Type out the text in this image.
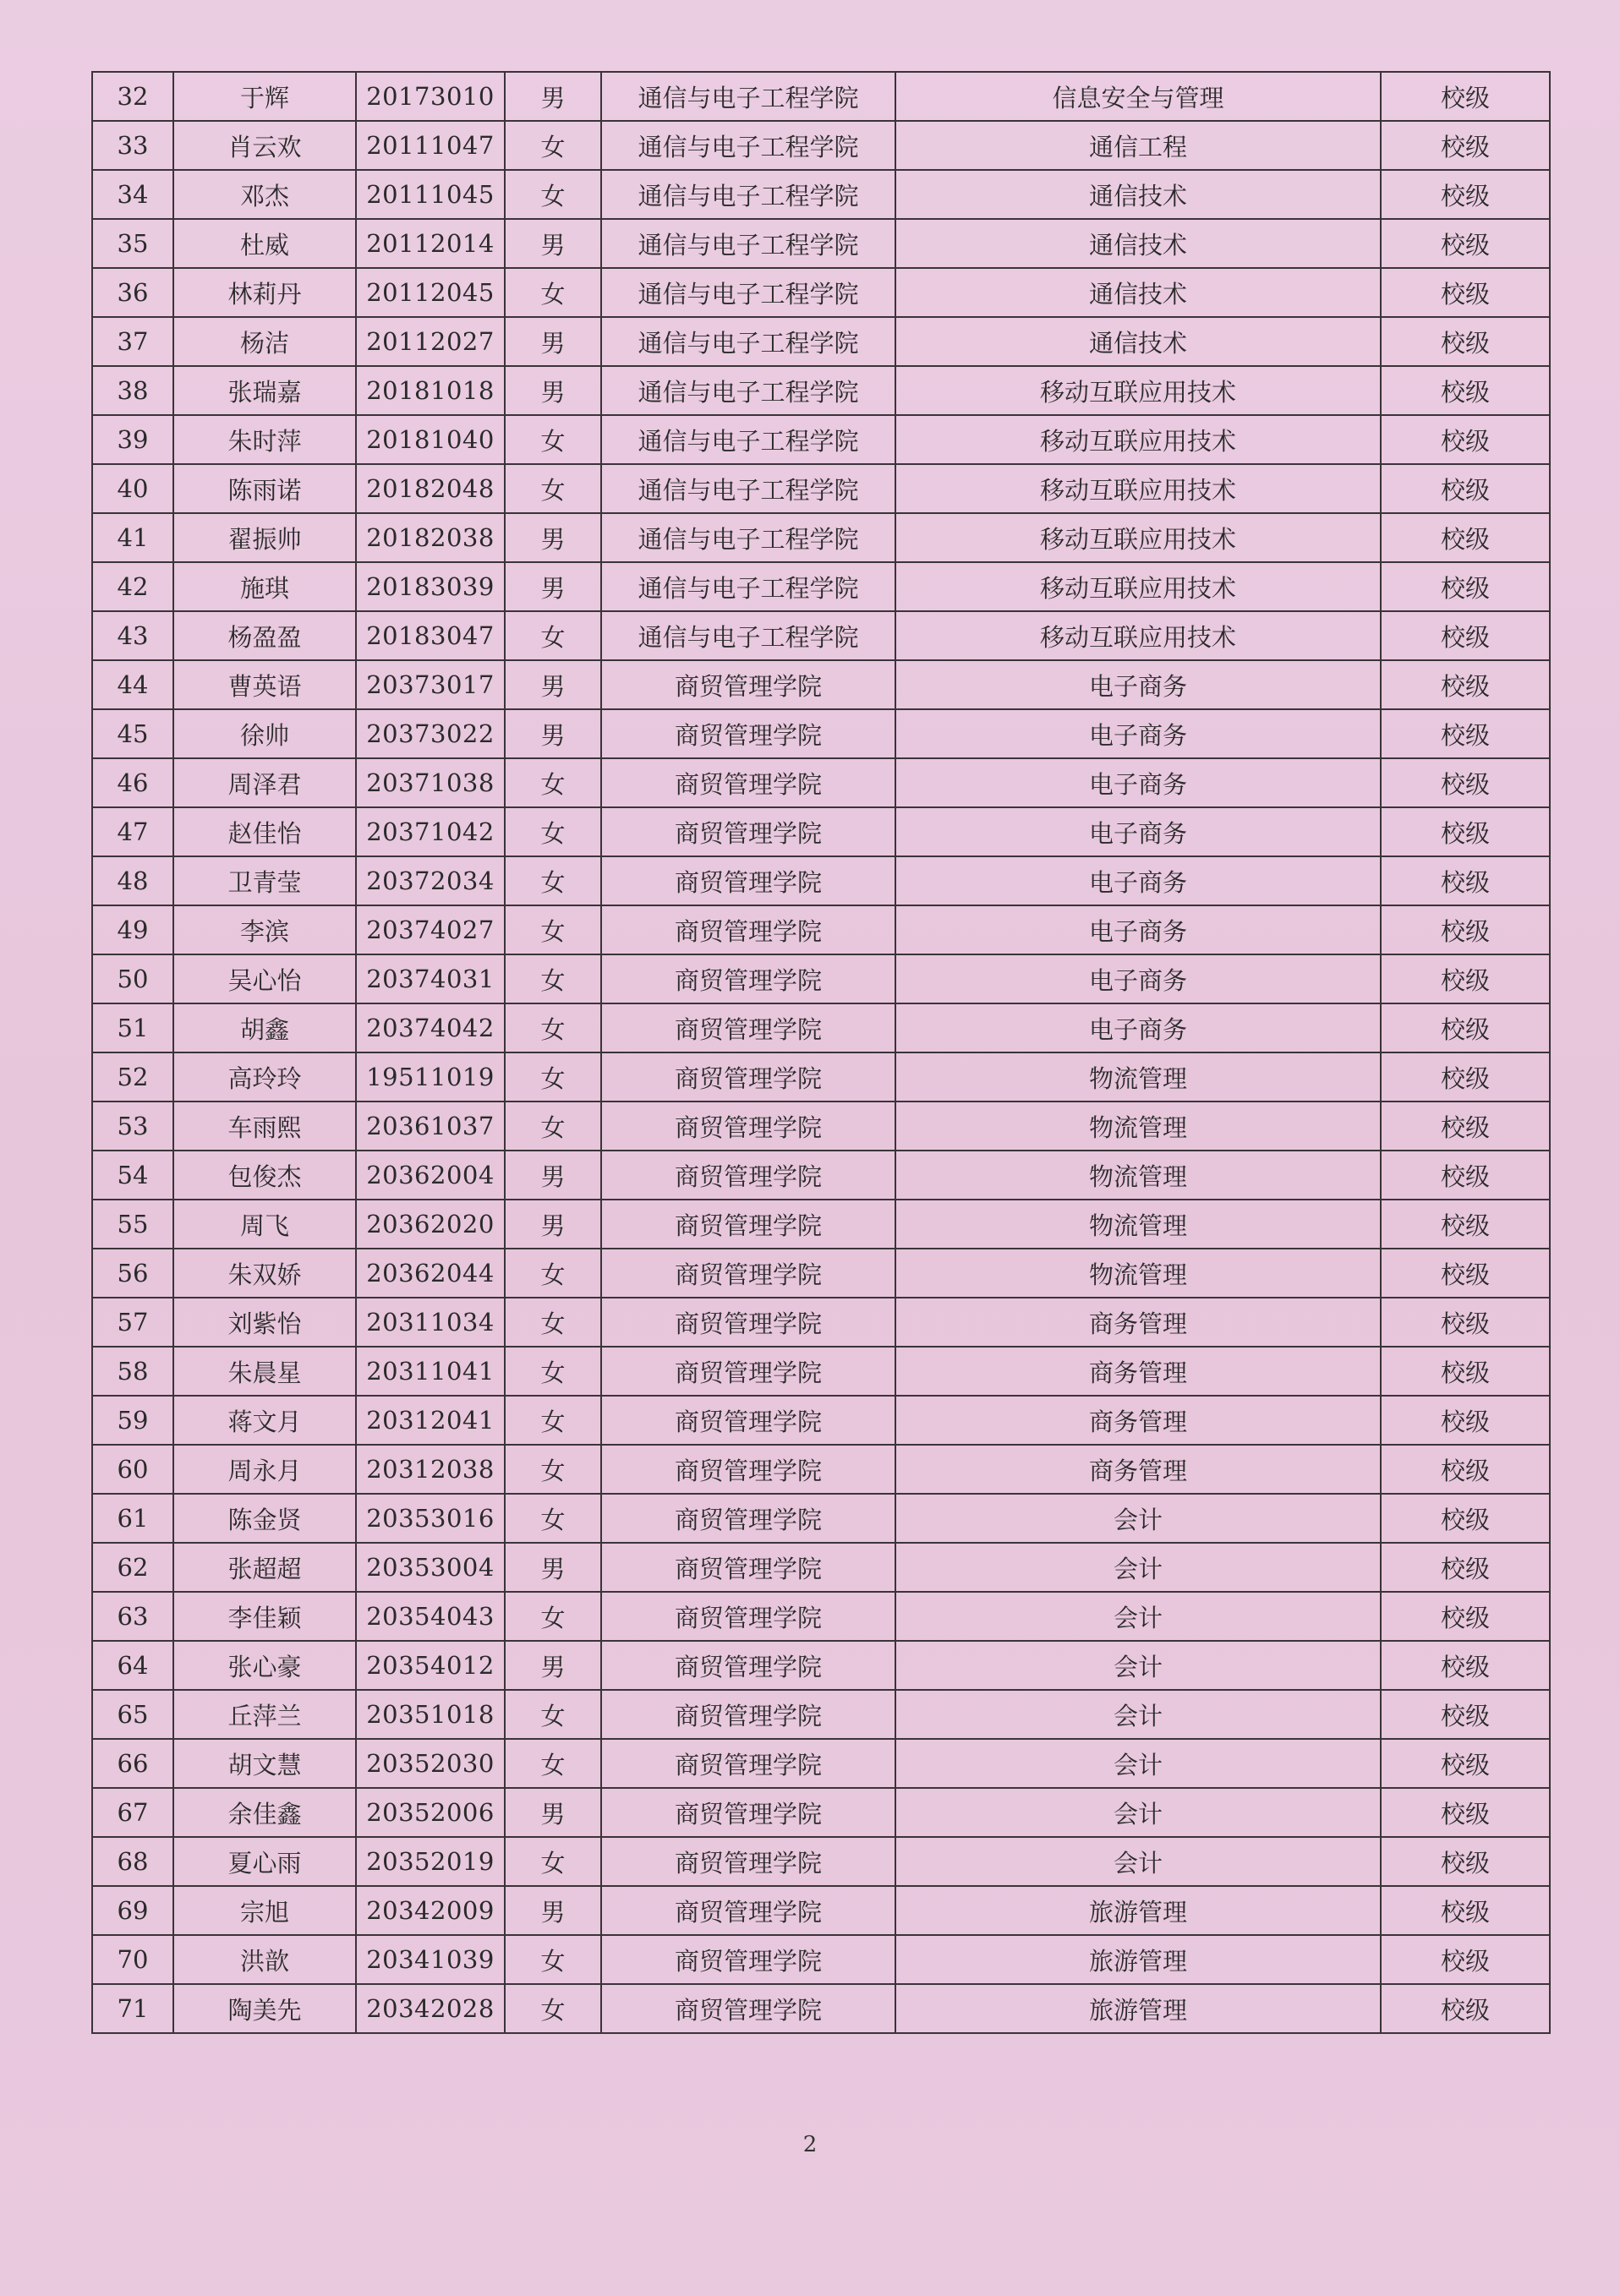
32	于辉	20173010	男	通信与电子工程学院	信息安全与管理	校级
33	肖云欢	20111047	女	通信与电子工程学院	通信工程	校级
34	邓杰	20111045	女	通信与电子工程学院	通信技术	校级
35	杜威	20112014	男	通信与电子工程学院	通信技术	校级
36	林莉丹	20112045	女	通信与电子工程学院	通信技术	校级
37	杨洁	20112027	男	通信与电子工程学院	通信技术	校级
38	张瑞嘉	20181018	男	通信与电子工程学院	移动互联应用技术	校级
39	朱时萍	20181040	女	通信与电子工程学院	移动互联应用技术	校级
40	陈雨诺	20182048	女	通信与电子工程学院	移动互联应用技术	校级
41	翟振帅	20182038	男	通信与电子工程学院	移动互联应用技术	校级
42	施琪	20183039	男	通信与电子工程学院	移动互联应用技术	校级
43	杨盈盈	20183047	女	通信与电子工程学院	移动互联应用技术	校级
44	曹英语	20373017	男	商贸管理学院	电子商务	校级
45	徐帅	20373022	男	商贸管理学院	电子商务	校级
46	周泽君	20371038	女	商贸管理学院	电子商务	校级
47	赵佳怡	20371042	女	商贸管理学院	电子商务	校级
48	卫青莹	20372034	女	商贸管理学院	电子商务	校级
49	李滨	20374027	女	商贸管理学院	电子商务	校级
50	吴心怡	20374031	女	商贸管理学院	电子商务	校级
51	胡鑫	20374042	女	商贸管理学院	电子商务	校级
52	高玲玲	19511019	女	商贸管理学院	物流管理	校级
53	车雨熙	20361037	女	商贸管理学院	物流管理	校级
54	包俊杰	20362004	男	商贸管理学院	物流管理	校级
55	周飞	20362020	男	商贸管理学院	物流管理	校级
56	朱双娇	20362044	女	商贸管理学院	物流管理	校级
57	刘紫怡	20311034	女	商贸管理学院	商务管理	校级
58	朱晨星	20311041	女	商贸管理学院	商务管理	校级
59	蒋文月	20312041	女	商贸管理学院	商务管理	校级
60	周永月	20312038	女	商贸管理学院	商务管理	校级
61	陈金贤	20353016	女	商贸管理学院	会计	校级
62	张超超	20353004	男	商贸管理学院	会计	校级
63	李佳颖	20354043	女	商贸管理学院	会计	校级
64	张心豪	20354012	男	商贸管理学院	会计	校级
65	丘萍兰	20351018	女	商贸管理学院	会计	校级
66	胡文慧	20352030	女	商贸管理学院	会计	校级
67	余佳鑫	20352006	男	商贸管理学院	会计	校级
68	夏心雨	20352019	女	商贸管理学院	会计	校级
69	宗旭	20342009	男	商贸管理学院	旅游管理	校级
70	洪歆	20341039	女	商贸管理学院	旅游管理	校级
71	陶美先	20342028	女	商贸管理学院	旅游管理	校级
2
